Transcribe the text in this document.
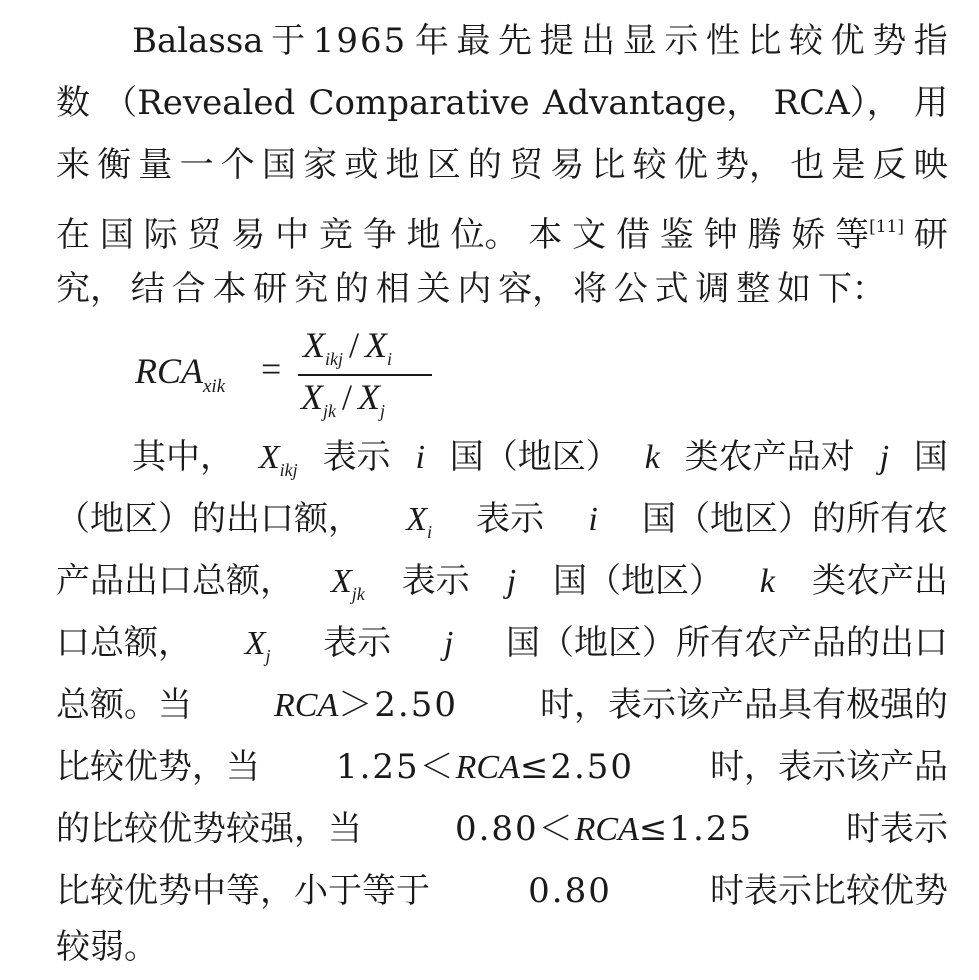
Balassa 于 1965 年 最 先 提 出 显 示 性 比 较 优 势 指
数 （Revealed Comparative Advantage， RCA）， 用
来 衡 量 一 个 国 家 或 地 区 的 贸 易 比 较 优 势， 也 是 反 映
在 国 际 贸 易 中 竞 争 地 位。 本 文 借 鉴 钟 腾 娇 等[11] 研
究， 结 合 本 研 究 的 相 关 内 容， 将 公 式 调 整 如 下：
$RCA_{xik}$ =
$X_{ikj} / X_i$
$X_{jk} / X_j$
其中， $X_{ikj}$ 表示 i 国（地区） k 类农产品对 j 国
（地区）的出口额， $X_i$ 表示 i 国（地区）的所有农
产品出口总额， $X_{jk}$ 表示 j 国（地区） k 类农产出
口总额， $X_j$ 表示 j 国（地区）所有农产品的出口
总额。当 RCA＞2.50 时，表示该产品具有极强的
比较优势，当 1.25＜RCA≤2.50 时，表示该产品
的比较优势较强，当	0.80＜RCA≤1.25	时表示
比较优势中等，小于等于	0.80	时表示比较优势
较弱。
